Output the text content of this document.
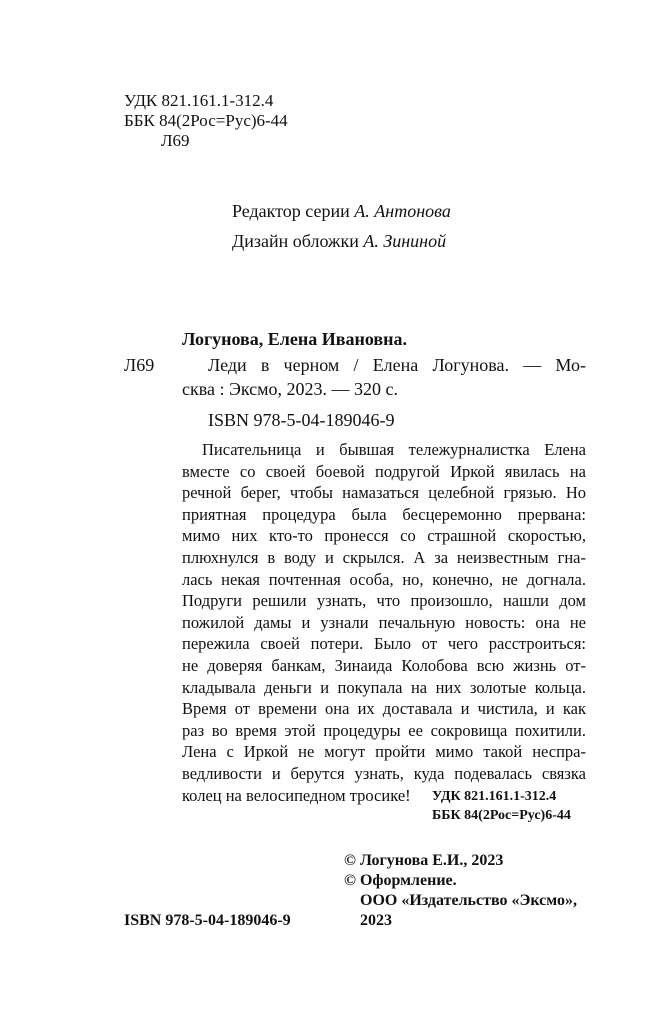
УДК 821.161.1-312.4

ББК 84(2Рос=Рус)6-44

Л69

Редактор серии А. Антонова

Дизайн обложки А. Зининой

Логунова, Елена Ивановна.

Л69	Леди в черном / Елена Логунова. — Мо-

сква : Эксмо, 2023. — 320 с.

ISBN 978-5-04-189046-9

Писательница и бывшая тележурналистка Елена
вместе со своей боевой подругой Иркой явилась на
речной берег, чтобы намазаться целебной грязью. Но
приятная процедура была бесцеремонно прервана:
мимо них кто-то пронесся со страшной скоростью,
плюхнулся в воду и скрылся. А за неизвестным гна-
лась некая почтенная особа, но, конечно, не догнала.
Подруги решили узнать, что произошло, нашли дом
пожилой дамы и узнали печальную новость: она не
пережила своей потери. Было от чего расстроиться:
не доверяя банкам, Зинаида Колобова всю жизнь от-
кладывала деньги и покупала на них золотые кольца.
Время от времени она их доставала и чистила, и как
раз во время этой процедуры ее сокровища похитили.
Лена с Иркой не могут пройти мимо такой неспра-
ведливости и берутся узнать, куда подевалась связка
колец на велосипедном тросике!	УДК 821.161.1-312.4

ББК 84(2Рос=Рус)6-44

© Логунова Е.И., 2023

© Оформление.

ООО «Издательство «Эксмо»,

2023

ISBN 978-5-04-189046-9
